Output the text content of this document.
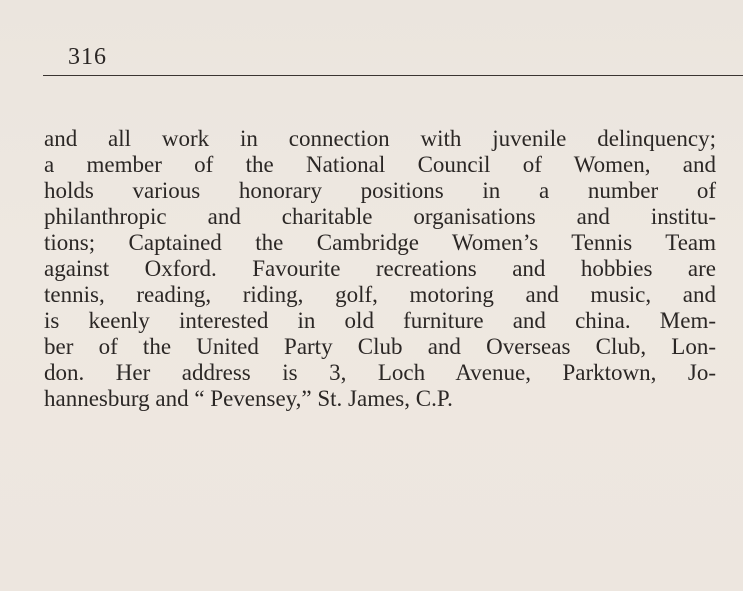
316
and all work in connection with juvenile delinquency;
a member of the National Council of Women, and
holds various honorary positions in a number of
philanthropic and charitable organisations and institu-
tions; Captained the Cambridge Women’s Tennis Team
against Oxford. Favourite recreations and hobbies are
tennis, reading, riding, golf, motoring and music, and
is keenly interested in old furniture and china. Mem-
ber of the United Party Club and Overseas Club, Lon-
don. Her address is 3, Loch Avenue, Parktown, Jo-
hannesburg and “ Pevensey,” St. James, C.P.
